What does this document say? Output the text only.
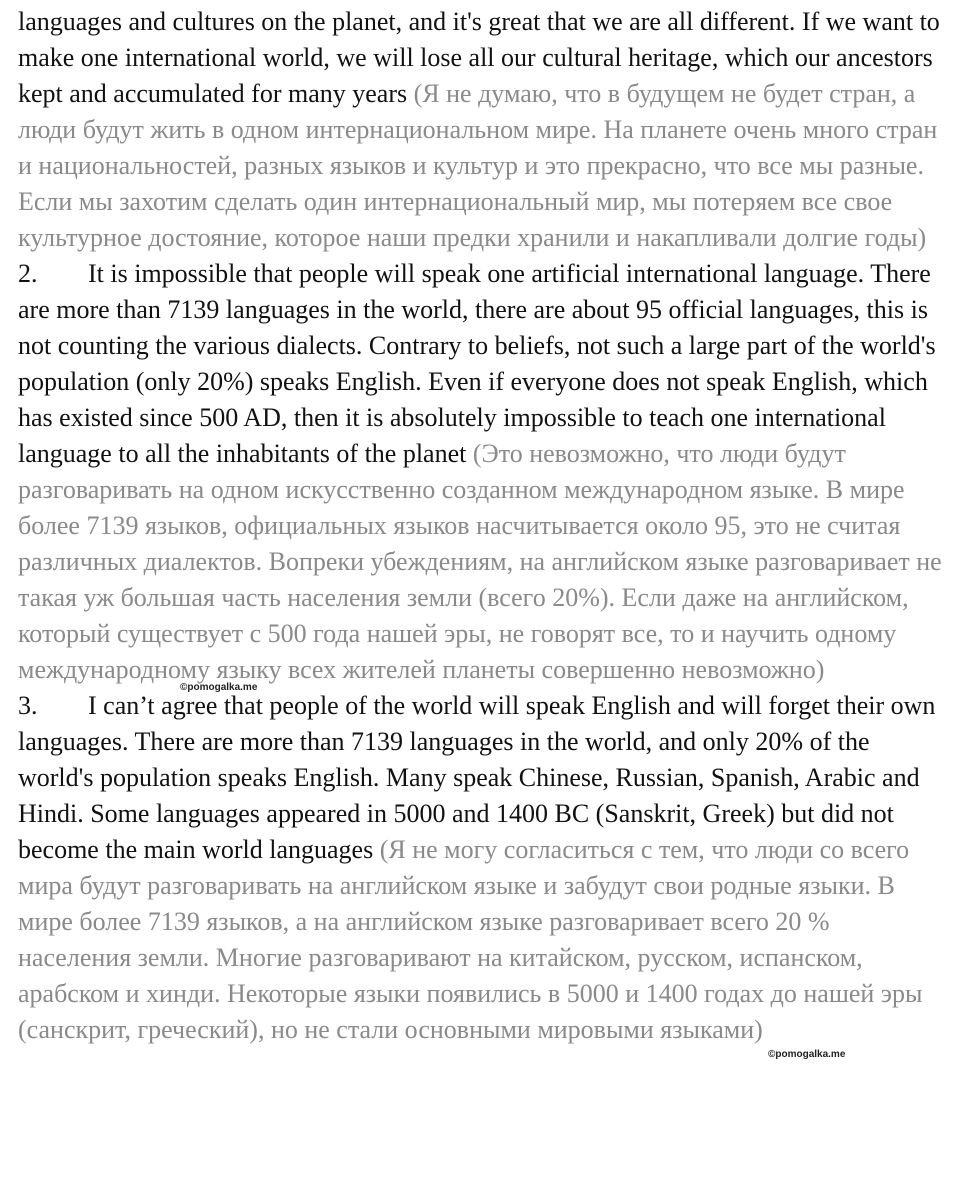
languages and cultures on the planet, and it's great that we are all different. If we want to make one international world, we will lose all our cultural heritage, which our ancestors kept and accumulated for many years (Я не думаю, что в будущем не будет стран, а люди будут жить в одном интернациональном мире. На планете очень много стран и национальностей, разных языков и культур и это прекрасно, что все мы разные. Если мы захотим сделать один интернациональный мир, мы потеряем все свое культурное достояние, которое наши предки хранили и накапливали долгие годы)

2. It is impossible that people will speak one artificial international language. There are more than 7139 languages in the world, there are about 95 official languages, this is not counting the various dialects. Contrary to beliefs, not such a large part of the world's population (only 20%) speaks English. Even if everyone does not speak English, which has existed since 500 AD, then it is absolutely impossible to teach one international language to all the inhabitants of the planet (Это невозможно, что люди будут разговаривать на одном искусственно созданном международном языке. В мире более 7139 языков, официальных языков насчитывается около 95, это не считая различных диалектов. Вопреки убеждениям, на английском языке разговаривает не такая уж большая часть населения земли (всего 20%). Если даже на английском, который существует с 500 года нашей эры, не говорят все, то и научить одному международному языку всех жителей планеты совершенно невозможно)

3. I can’t agree that people of the world will speak English and will forget their own languages. There are more than 7139 languages in the world, and only 20% of the world's population speaks English. Many speak Chinese, Russian, Spanish, Arabic and Hindi. Some languages appeared in 5000 and 1400 BC (Sanskrit, Greek) but did not become the main world languages (Я не могу согласиться с тем, что люди со всего мира будут разговаривать на английском языке и забудут свои родные языки. В мире более 7139 языков, а на английском языке разговаривает всего 20 % населения земли. Многие разговаривают на китайском, русском, испанском, арабском и хинди. Некоторые языки появились в 5000 и 1400 годах до нашей эры (санскрит, греческий), но не стали основными мировыми языками)

©pomogalka.me
©pomogalka.me
